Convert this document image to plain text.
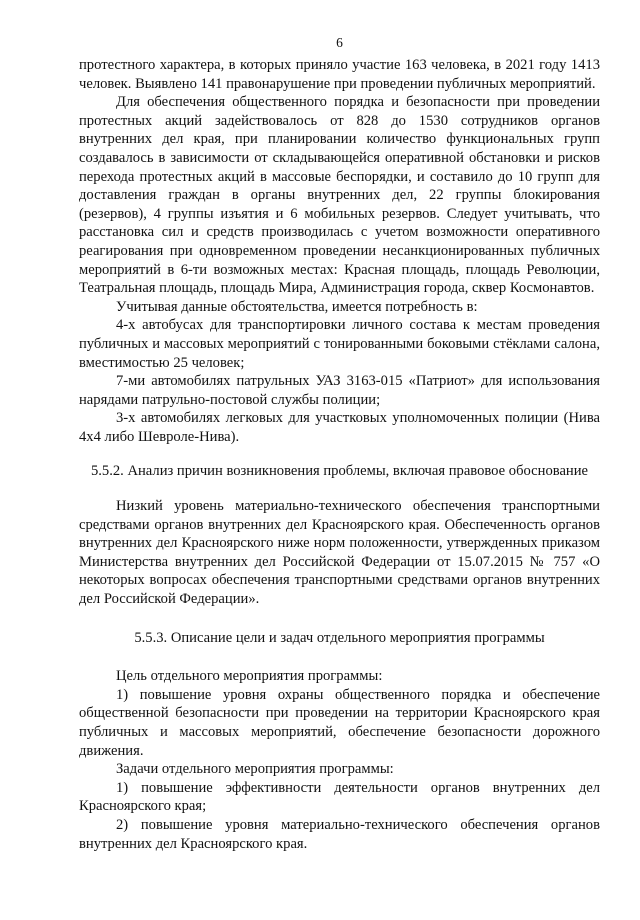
6

протестного характера, в которых приняло участие 163 человека, в 2021 году 1413 человек. Выявлено 141 правонарушение при проведении публичных мероприятий.

Для обеспечения общественного порядка и безопасности при проведении протестных акций задействовалось от 828 до 1530 сотрудников органов внутренних дел края, при планировании количество функциональных групп создавалось в зависимости от складывающейся оперативной обстановки и рисков перехода протестных акций в массовые беспорядки, и составило до 10 групп для доставления граждан в органы внутренних дел, 22 группы блокирования (резервов), 4 группы изъятия и 6 мобильных резервов. Следует учитывать, что расстановка сил и средств производилась с учетом возможности оперативного реагирования при одновременном проведении несанкционированных публичных мероприятий в 6-ти возможных местах: Красная площадь, площадь Революции, Театральная площадь, площадь Мира, Администрация города, сквер Космонавтов.

Учитывая данные обстоятельства, имеется потребность в:

4-х автобусах для транспортировки личного состава к местам проведения публичных и массовых мероприятий с тонированными боковыми стёклами салона, вместимостью 25 человек;

7-ми автомобилях патрульных УАЗ 3163-015 «Патриот» для использования нарядами патрульно-постовой службы полиции;

3-х автомобилях легковых для участковых уполномоченных полиции (Нива 4х4 либо Шевроле-Нива).

5.5.2. Анализ причин возникновения проблемы, включая правовое обоснование

Низкий уровень материально-технического обеспечения транспортными средствами органов внутренних дел Красноярского края. Обеспеченность органов внутренних дел Красноярского ниже норм положенности, утвержденных приказом Министерства внутренних дел Российской Федерации от 15.07.2015 № 757 «О некоторых вопросах обеспечения транспортными средствами органов внутренних дел Российской Федерации».

5.5.3. Описание цели и задач отдельного мероприятия программы

Цель отдельного мероприятия программы:

1) повышение уровня охраны общественного порядка и обеспечение общественной безопасности при проведении на территории Красноярского края публичных и массовых мероприятий, обеспечение безопасности дорожного движения.

Задачи отдельного мероприятия программы:

1) повышение эффективности деятельности органов внутренних дел Красноярского края;

2) повышение уровня материально-технического обеспечения органов внутренних дел Красноярского края.
